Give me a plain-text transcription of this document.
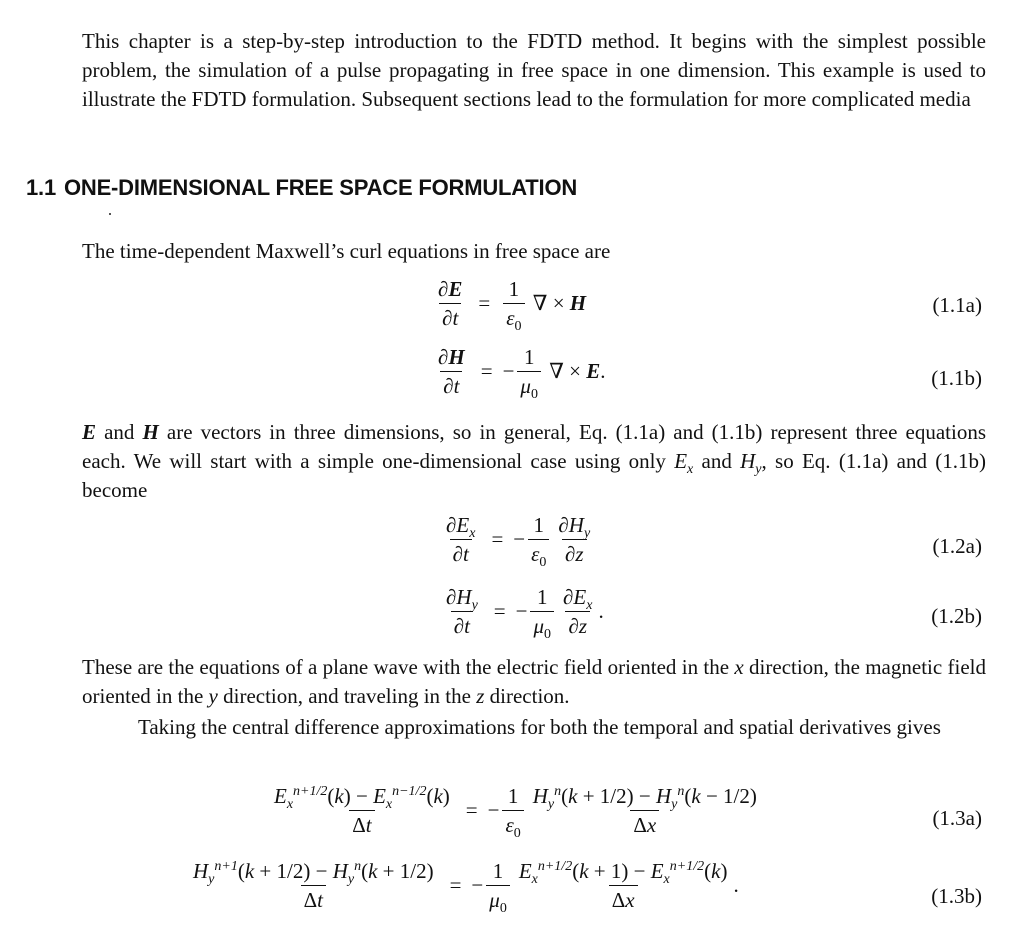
This chapter is a step-by-step introduction to the FDTD method. It begins with the simplest possible problem, the simulation of a pulse propagating in free space in one dimension. This example is used to illustrate the FDTD formulation. Subsequent sections lead to the formulation for more complicated media

1.1 ONE-DIMENSIONAL FREE SPACE FORMULATION

The time-dependent Maxwell’s curl equations in free space are

$\frac{\partial E}{\partial t} = \frac{1}{\varepsilon_0}$ ∇ × H	(1.1a)
$\frac{\partial H}{\partial t}$ = − $\frac{1}{\mu_0}$ ∇ × E.	(1.1b)

E and H are vectors in three dimensions, so in general, Eq. (1.1a) and (1.1b) represent three equations each. We will start with a simple one-dimensional case using only $E_x$ and $H_y$, so Eq. (1.1a) and (1.1b) become

$\frac{\partial E_x}{\partial t}$ = − $\frac{1}{\varepsilon_0} \frac{\partial H_y}{\partial z}$	(1.2a)
$\frac{\partial H_y}{\partial t}$ = − $\frac{1}{\mu_0} \frac{\partial E_x}{\partial z}$ .	(1.2b)

These are the equations of a plane wave with the electric field oriented in the x direction, the magnetic field oriented in the y direction, and traveling in the z direction.

Taking the central difference approximations for both the temporal and spatial derivatives gives

$\frac{E_x^{n+1/2}(k) - E_x^{n-1/2}(k)}{\Delta t}$ = − $\frac{1}{\varepsilon_0} \frac{H_y^n(k + 1/2) - H_y^n(k - 1/2)}{\Delta x}$	(1.3a)
$\frac{H_y^{n+1}(k + 1/2) - H_y^n(k + 1/2)}{\Delta t}$ = − $\frac{1}{\mu_0} \frac{E_x^{n+1/2}(k + 1) - E_x^{n+1/2}(k)}{\Delta x}$ .	(1.3b)
